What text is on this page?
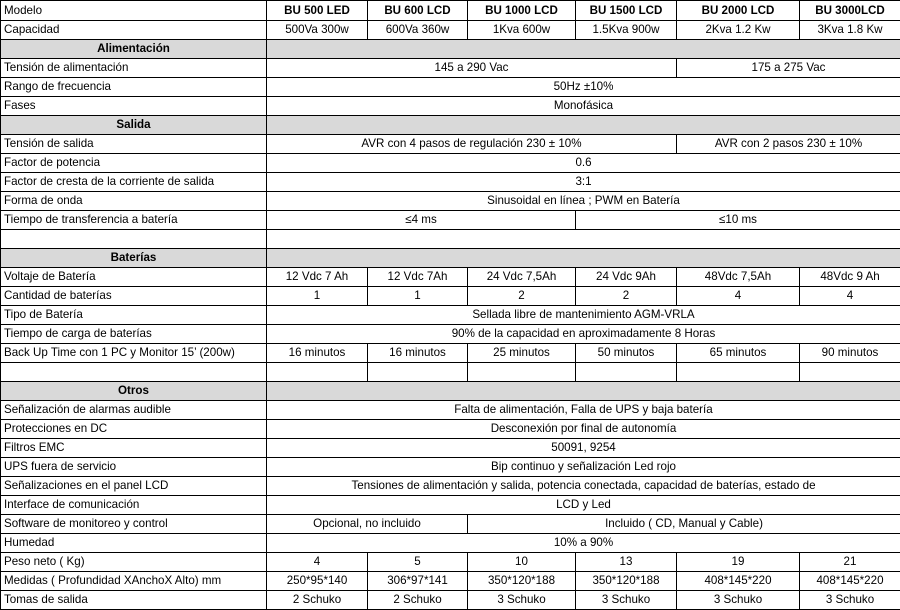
Modelo	BU 500 LED	BU 600 LCD	BU 1000 LCD	BU 1500 LCD	BU 2000 LCD	BU 3000LCD
Capacidad	500Va 300w	600Va 360w	1Kva 600w	1.5Kva 900w	2Kva 1.2 Kw	3Kva 1.8 Kw
Alimentación						
Tensión de alimentación	145 a 290 Vac				175 a 275 Vac	
Rango de frecuencia	50Hz ±10%					
Fases	Monofásica					
Salida						
Tensión de salida	AVR con 4 pasos de regulación 230 ± 10%				AVR con 2 pasos 230 ± 10%	
Factor de potencia	0.6					
Factor de cresta de la corriente de salida	3:1					
Forma de onda	Sinusoidal en línea ; PWM en Batería					
Tiempo de transferencia a batería	≤4 ms			≤10 ms		

Baterías						
Voltaje de Batería	12 Vdc 7 Ah	12 Vdc 7Ah	24 Vdc 7,5Ah	24 Vdc 9Ah	48Vdc 7,5Ah	48Vdc 9 Ah
Cantidad de baterías	1	1	2	2	4	4
Tipo de Batería	Sellada libre de mantenimiento AGM-VRLA					
Tiempo de carga de baterías	90% de la capacidad en aproximadamente 8 Horas					
Back Up Time con 1 PC y Monitor 15’ (200w)	16 minutos	16 minutos	25 minutos	50 minutos	65 minutos	90 minutos

Otros						
Señalización de alarmas audible	Falta de alimentación, Falla de UPS y baja batería					
Protecciones en DC	Desconexión por final de autonomía					
Filtros EMC	50091, 9254					
UPS fuera de servicio	Bip continuo y señalización Led rojo					
Señalizaciones en el panel LCD	Tensiones de alimentación y salida, potencia conectada, capacidad de baterías, estado de					
Interface de comunicación	LCD y Led					
Software de monitoreo y control	Opcional, no incluido		Incluido ( CD, Manual y Cable)			
Humedad	10% a 90%					
Peso neto ( Kg)	4	5	10	13	19	21
Medidas ( Profundidad XAnchoX Alto) mm	250*95*140	306*97*141	350*120*188	350*120*188	408*145*220	408*145*220
Tomas de salida	2 Schuko	2 Schuko	3 Schuko	3 Schuko	3 Schuko	3 Schuko
